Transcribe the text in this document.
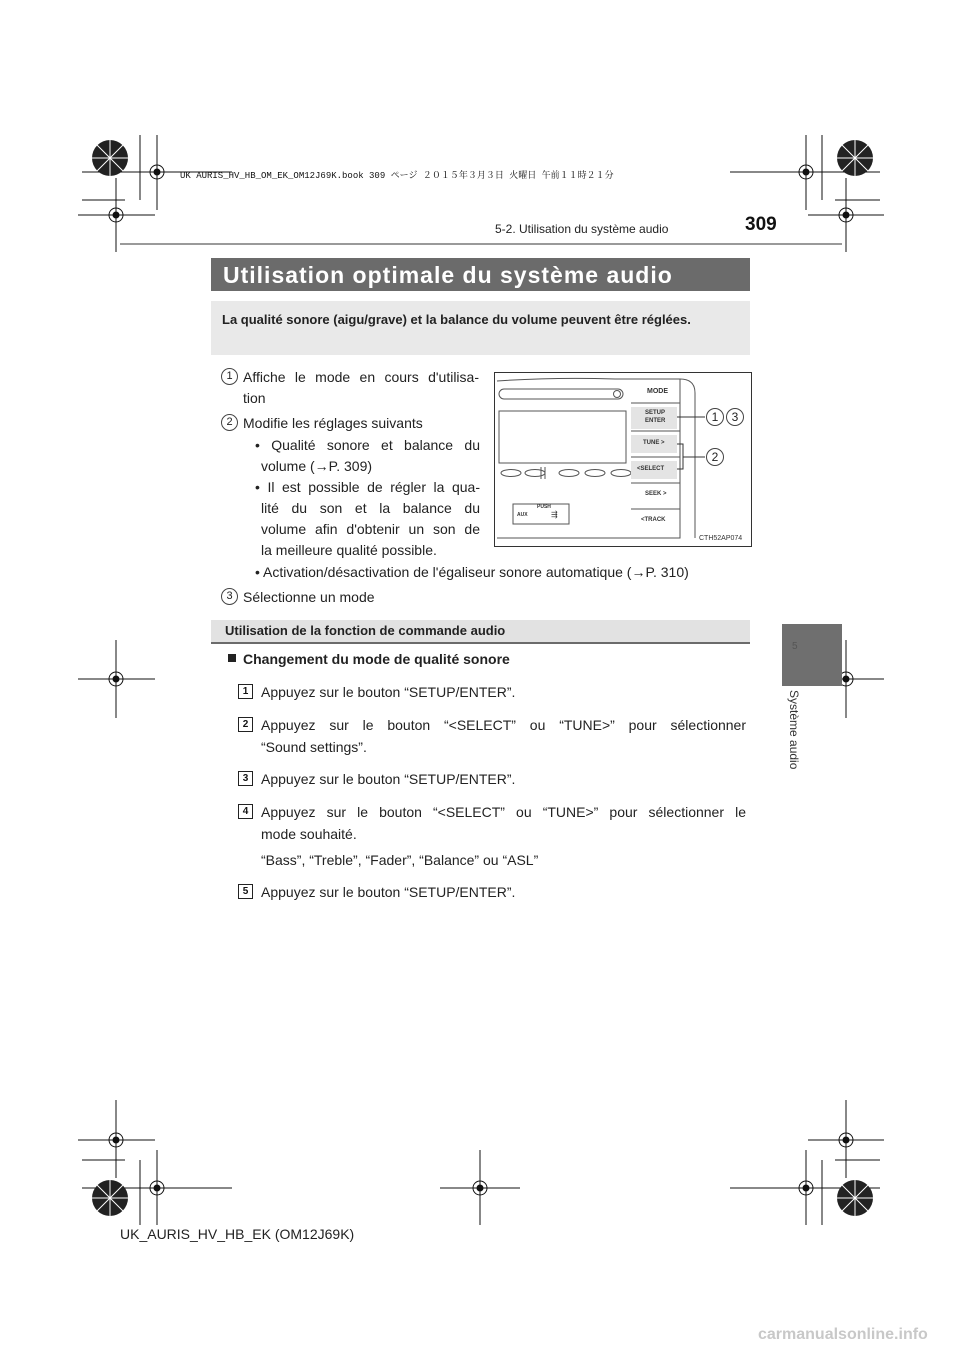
UK AURIS_HV_HB_OM_EK_OM12J69K.book 309 ページ ２０１５年３月３日 火曜日 午前１１時２１分
5-2. Utilisation du système audio	309
5
Système audio
Utilisation optimale du système audio
La qualité sonore (aigu/grave) et la balance du volume peuvent être réglées.
1 Affiche le mode en cours d'utilisa-
tion
2 Modifie les réglages suivants
• Qualité sonore et balance du
volume (→P. 309)
• Il est possible de régler la qua-
lité du son et la balance du
volume afin d'obtenir un son de
la meilleure qualité possible.
• Activation/désactivation de l'égaliseur sonore automatique (→P. 310)
3 Sélectionne un mode
MODE
SETUP
ENTER
TUNE >
<SELECT
SEEK >
<TRACK
PUSH
AUX	⇶
1	3
2
CTH52AP074
Utilisation de la fonction de commande audio
Changement du mode de qualité sonore
1 Appuyez sur le bouton “SETUP/ENTER”.
2 Appuyez sur le bouton “<SELECT” ou “TUNE>” pour sélectionner
“Sound settings”.
3 Appuyez sur le bouton “SETUP/ENTER”.
4 Appuyez sur le bouton “<SELECT” ou “TUNE>” pour sélectionner le
mode souhaité.
“Bass”, “Treble”, “Fader”, “Balance” ou “ASL”
5 Appuyez sur le bouton “SETUP/ENTER”.
UK_AURIS_HV_HB_EK (OM12J69K)
carmanualsonline.info
